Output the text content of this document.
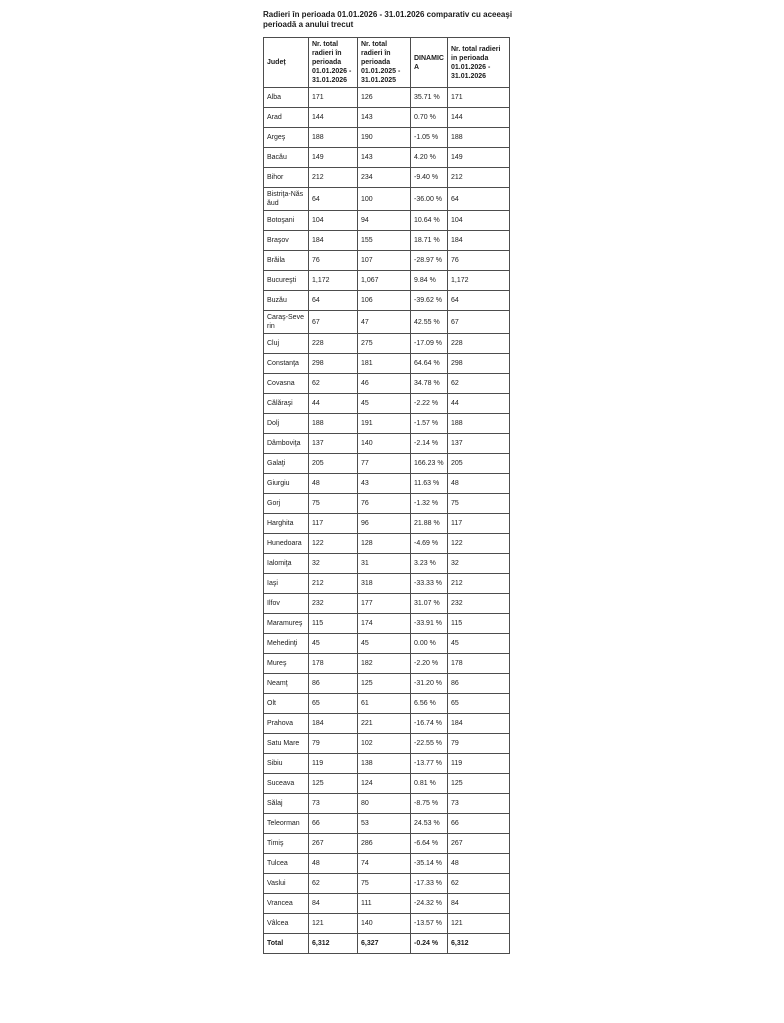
Radieri în perioada 01.01.2026 - 31.01.2026 comparativ cu aceeaşi perioadă a anului trecut
Județ	Nr. total radieri în perioada 01.01.2026 - 31.01.2026	Nr. total radieri în perioada 01.01.2025 - 31.01.2025	DINAMICA	Nr. total radieri in perioada 01.01.2026 - 31.01.2026
Alba	171	126	35.71 %	171
Arad	144	143	0.70 %	144
Argeş	188	190	-1.05 %	188
Bacău	149	143	4.20 %	149
Bihor	212	234	-9.40 %	212
Bistriţa-Năsăud	64	100	-36.00 %	64
Botoşani	104	94	10.64 %	104
Braşov	184	155	18.71 %	184
Brăila	76	107	-28.97 %	76
Bucureşti	1,172	1,067	9.84 %	1,172
Buzău	64	106	-39.62 %	64
Caraş-Severin	67	47	42.55 %	67
Cluj	228	275	-17.09 %	228
Constanţa	298	181	64.64 %	298
Covasna	62	46	34.78 %	62
Călăraşi	44	45	-2.22 %	44
Dolj	188	191	-1.57 %	188
Dâmboviţa	137	140	-2.14 %	137
Galaţi	205	77	166.23 %	205
Giurgiu	48	43	11.63 %	48
Gorj	75	76	-1.32 %	75
Harghita	117	96	21.88 %	117
Hunedoara	122	128	-4.69 %	122
Ialomiţa	32	31	3.23 %	32
Iaşi	212	318	-33.33 %	212
Ilfov	232	177	31.07 %	232
Maramureş	115	174	-33.91 %	115
Mehedinţi	45	45	0.00 %	45
Mureş	178	182	-2.20 %	178
Neamţ	86	125	-31.20 %	86
Olt	65	61	6.56 %	65
Prahova	184	221	-16.74 %	184
Satu Mare	79	102	-22.55 %	79
Sibiu	119	138	-13.77 %	119
Suceava	125	124	0.81 %	125
Sălaj	73	80	-8.75 %	73
Teleorman	66	53	24.53 %	66
Timiş	267	286	-6.64 %	267
Tulcea	48	74	-35.14 %	48
Vaslui	62	75	-17.33 %	62
Vrancea	84	111	-24.32 %	84
Vâlcea	121	140	-13.57 %	121
Total	6,312	6,327	-0.24 %	6,312
